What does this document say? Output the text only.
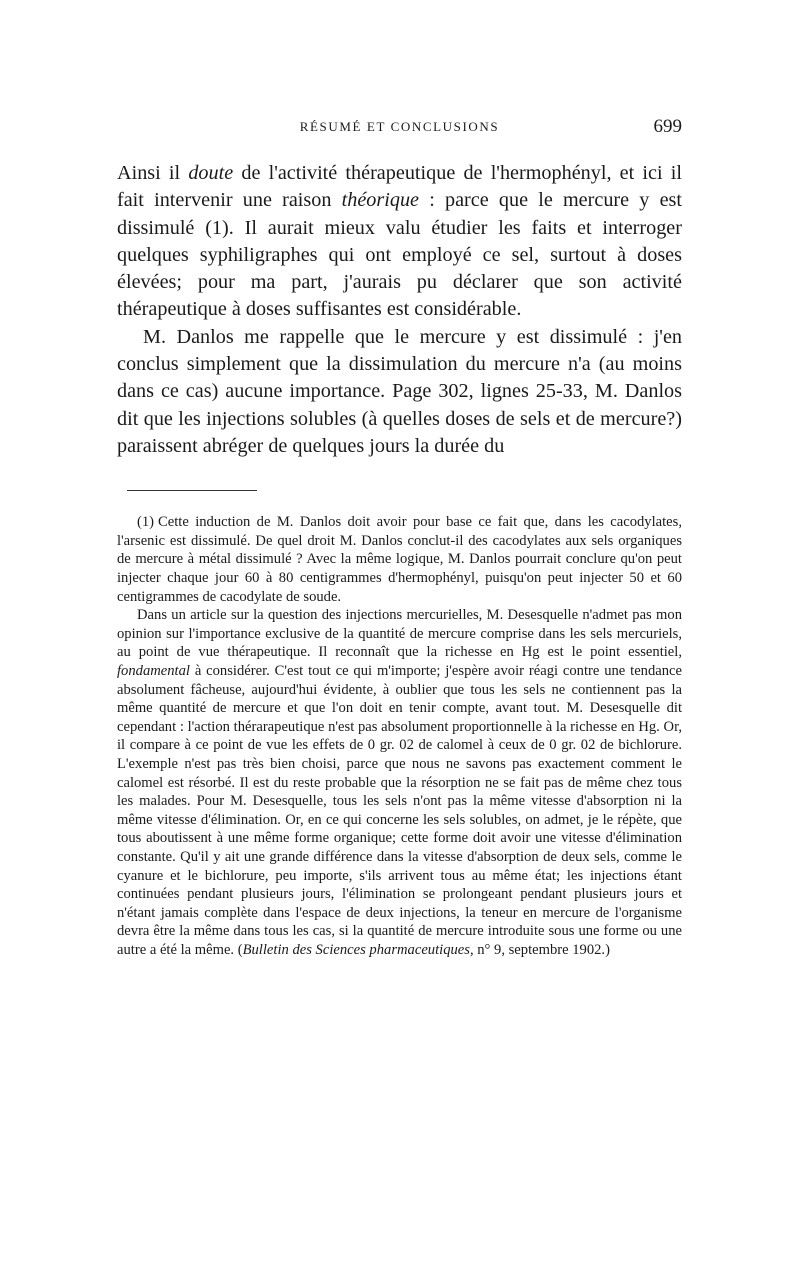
RÉSUMÉ ET CONCLUSIONS	699

Ainsi il doute de l'activité thérapeutique de l'hermophényl, et ici il fait intervenir une raison théorique : parce que le mercure y est dissimulé (1). Il aurait mieux valu étudier les faits et interroger quelques syphiligraphes qui ont employé ce sel, surtout à doses élevées; pour ma part, j'aurais pu déclarer que son activité thérapeutique à doses suffisantes est considérable.

M. Danlos me rappelle que le mercure y est dissimulé : j'en conclus simplement que la dissimulation du mercure n'a (au moins dans ce cas) aucune importance. Page 302, lignes 25-33, M. Danlos dit que les injections solubles (à quelles doses de sels et de mercure?) paraissent abréger de quelques jours la durée du

(1) Cette induction de M. Danlos doit avoir pour base ce fait que, dans les cacodylates, l'arsenic est dissimulé. De quel droit M. Danlos conclut-il des cacodylates aux sels organiques de mercure à métal dissimulé ? Avec la même logique, M. Danlos pourrait conclure qu'on peut injecter chaque jour 60 à 80 centigrammes d'hermophényl, puisqu'on peut injecter 50 et 60 centigrammes de cacodylate de soude.

Dans un article sur la question des injections mercurielles, M. Desesquelle n'admet pas mon opinion sur l'importance exclusive de la quantité de mercure comprise dans les sels mercuriels, au point de vue thérapeutique. Il reconnaît que la richesse en Hg est le point essentiel, fondamental à considérer. C'est tout ce qui m'importe; j'espère avoir réagi contre une tendance absolument fâcheuse, aujourd'hui évidente, à oublier que tous les sels ne contiennent pas la même quantité de mercure et que l'on doit en tenir compte, avant tout. M. Desesquelle dit cependant : l'action thérarapeutique n'est pas absolument proportionnelle à la richesse en Hg. Or, il compare à ce point de vue les effets de 0 gr. 02 de calomel à ceux de 0 gr. 02 de bichlorure. L'exemple n'est pas très bien choisi, parce que nous ne savons pas exactement comment le calomel est résorbé. Il est du reste probable que la résorption ne se fait pas de même chez tous les malades. Pour M. Desesquelle, tous les sels n'ont pas la même vitesse d'absorption ni la même vitesse d'élimination. Or, en ce qui concerne les sels solubles, on admet, je le répète, que tous aboutissent à une même forme organique; cette forme doit avoir une vitesse d'élimination constante. Qu'il y ait une grande différence dans la vitesse d'absorption de deux sels, comme le cyanure et le bichlorure, peu importe, s'ils arrivent tous au même état; les injections étant continuées pendant plusieurs jours, l'élimination se prolongeant pendant plusieurs jours et n'étant jamais complète dans l'espace de deux injections, la teneur en mercure de l'organisme devra être la même dans tous les cas, si la quantité de mercure introduite sous une forme ou une autre a été la même. (Bulletin des Sciences pharmaceutiques, n° 9, septembre 1902.)
